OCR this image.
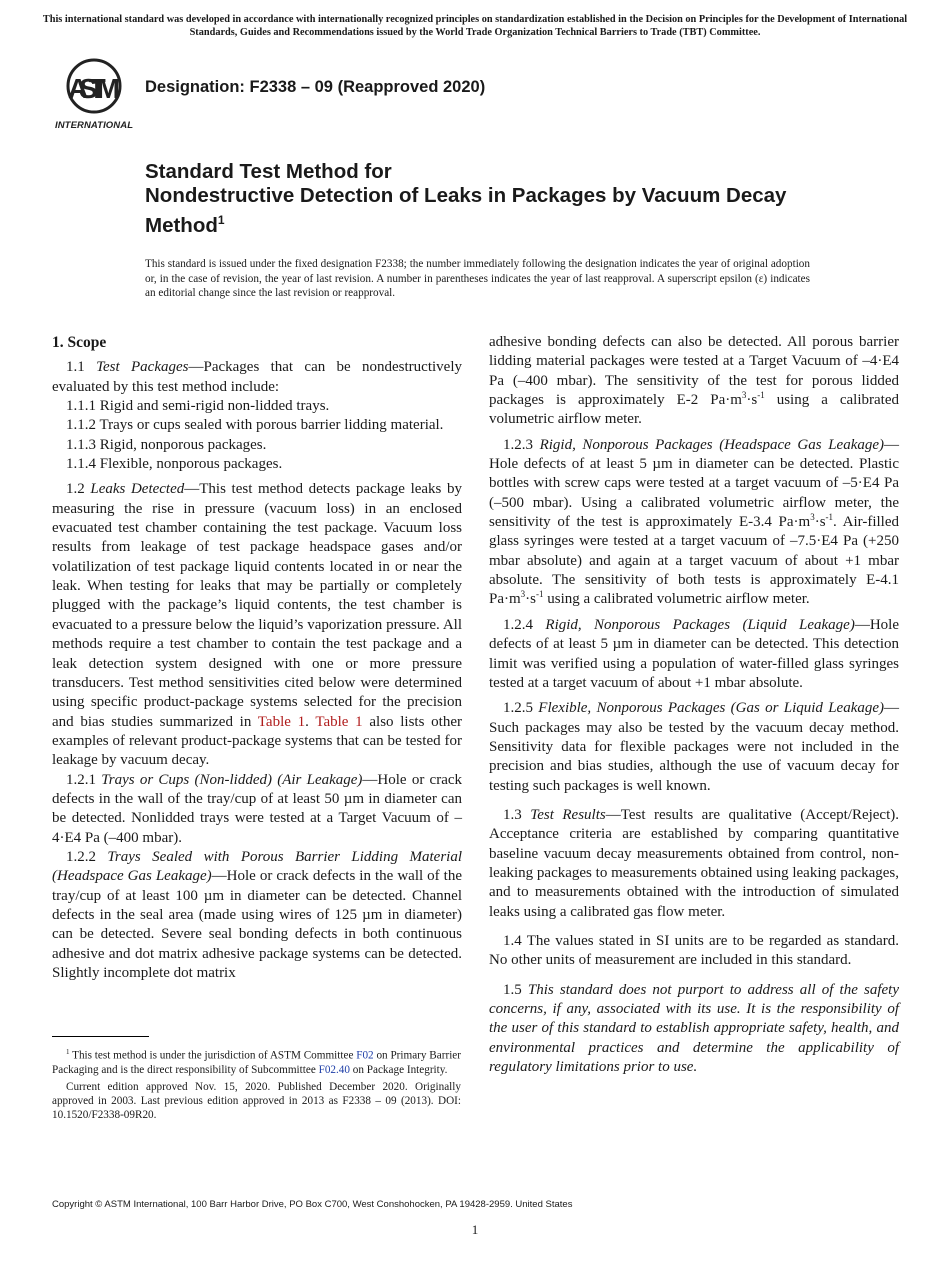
This international standard was developed in accordance with internationally recognized principles on standardization established in the Decision on Principles for the Development of International Standards, Guides and Recommendations issued by the World Trade Organization Technical Barriers to Trade (TBT) Committee.
ASTM
INTERNATIONAL
Designation: F2338 – 09 (Reapproved 2020)
Standard Test Method for
Nondestructive Detection of Leaks in Packages by Vacuum Decay Method$^1$
This standard is issued under the fixed designation F2338; the number immediately following the designation indicates the year of original adoption or, in the case of revision, the year of last revision. A number in parentheses indicates the year of last reapproval. A superscript epsilon (ε) indicates an editorial change since the last revision or reapproval.
1. Scope

1.1 Test Packages—Packages that can be nondestructively evaluated by this test method include:

1.1.1 Rigid and semi-rigid non-lidded trays.

1.1.2 Trays or cups sealed with porous barrier lidding material.

1.1.3 Rigid, nonporous packages.

1.1.4 Flexible, nonporous packages.

1.2 Leaks Detected—This test method detects package leaks by measuring the rise in pressure (vacuum loss) in an enclosed evacuated test chamber containing the test package. Vacuum loss results from leakage of test package headspace gases and/or volatilization of test package liquid contents located in or near the leak. When testing for leaks that may be partially or completely plugged with the package’s liquid contents, the test chamber is evacuated to a pressure below the liquid’s vaporization pressure. All methods require a test chamber to contain the test package and a leak detection system designed with one or more pressure transducers. Test method sensitivities cited below were determined using specific product-package systems selected for the precision and bias studies summarized in Table 1. Table 1 also lists other examples of relevant product-package systems that can be tested for leakage by vacuum decay.

1.2.1 Trays or Cups (Non-lidded) (Air Leakage)—Hole or crack defects in the wall of the tray/cup of at least 50 µm in diameter can be detected. Nonlidded trays were tested at a Target Vacuum of –4·E4 Pa (–400 mbar).

1.2.2 Trays Sealed with Porous Barrier Lidding Material (Headspace Gas Leakage)—Hole or crack defects in the wall of the tray/cup of at least 100 µm in diameter can be detected. Channel defects in the seal area (made using wires of 125 µm in diameter) can be detected. Severe seal bonding defects in both continuous adhesive and dot matrix adhesive package systems can be detected. Slightly incomplete dot matrix

adhesive bonding defects can also be detected. All porous barrier lidding material packages were tested at a Target Vacuum of –4·E4 Pa (–400 mbar). The sensitivity of the test for porous lidded packages is approximately E-2 $Pa\cdot m^3\cdot s^{-1}$ using a calibrated volumetric airflow meter.

1.2.3 Rigid, Nonporous Packages (Headspace Gas Leakage)—Hole defects of at least 5 µm in diameter can be detected. Plastic bottles with screw caps were tested at a target vacuum of –5·E4 Pa (–500 mbar). Using a calibrated volumetric airflow meter, the sensitivity of the test is approximately E-3.4 $Pa\cdot m^3\cdot s^{-1}$. Air-filled glass syringes were tested at a target vacuum of –7.5·E4 Pa (+250 mbar absolute) and again at a target vacuum of about +1 mbar absolute. The sensitivity of both tests is approximately E-4.1 $Pa\cdot m^3\cdot s^{-1}$ using a calibrated volumetric airflow meter.

1.2.4 Rigid, Nonporous Packages (Liquid Leakage)—Hole defects of at least 5 µm in diameter can be detected. This detection limit was verified using a population of water-filled glass syringes tested at a target vacuum of about +1 mbar absolute.

1.2.5 Flexible, Nonporous Packages (Gas or Liquid Leakage)—Such packages may also be tested by the vacuum decay method. Sensitivity data for flexible packages were not included in the precision and bias studies, although the use of vacuum decay for testing such packages is well known.

1.3 Test Results—Test results are qualitative (Accept/Reject). Acceptance criteria are established by comparing quantitative baseline vacuum decay measurements obtained from control, non-leaking packages to measurements obtained using leaking packages, and to measurements obtained with the introduction of simulated leaks using a calibrated gas flow meter.

1.4 The values stated in SI units are to be regarded as standard. No other units of measurement are included in this standard.

1.5 This standard does not purport to address all of the safety concerns, if any, associated with its use. It is the responsibility of the user of this standard to establish appropriate safety, health, and environmental practices and determine the applicability of regulatory limitations prior to use.

$^1$ This test method is under the jurisdiction of ASTM Committee F02 on Primary Barrier Packaging and is the direct responsibility of Subcommittee F02.40 on Package Integrity.

Current edition approved Nov. 15, 2020. Published December 2020. Originally approved in 2003. Last previous edition approved in 2013 as F2338 – 09 (2013). DOI: 10.1520/F2338-09R20.

Copyright © ASTM International, 100 Barr Harbor Drive, PO Box C700, West Conshohocken, PA 19428-2959. United States
1
